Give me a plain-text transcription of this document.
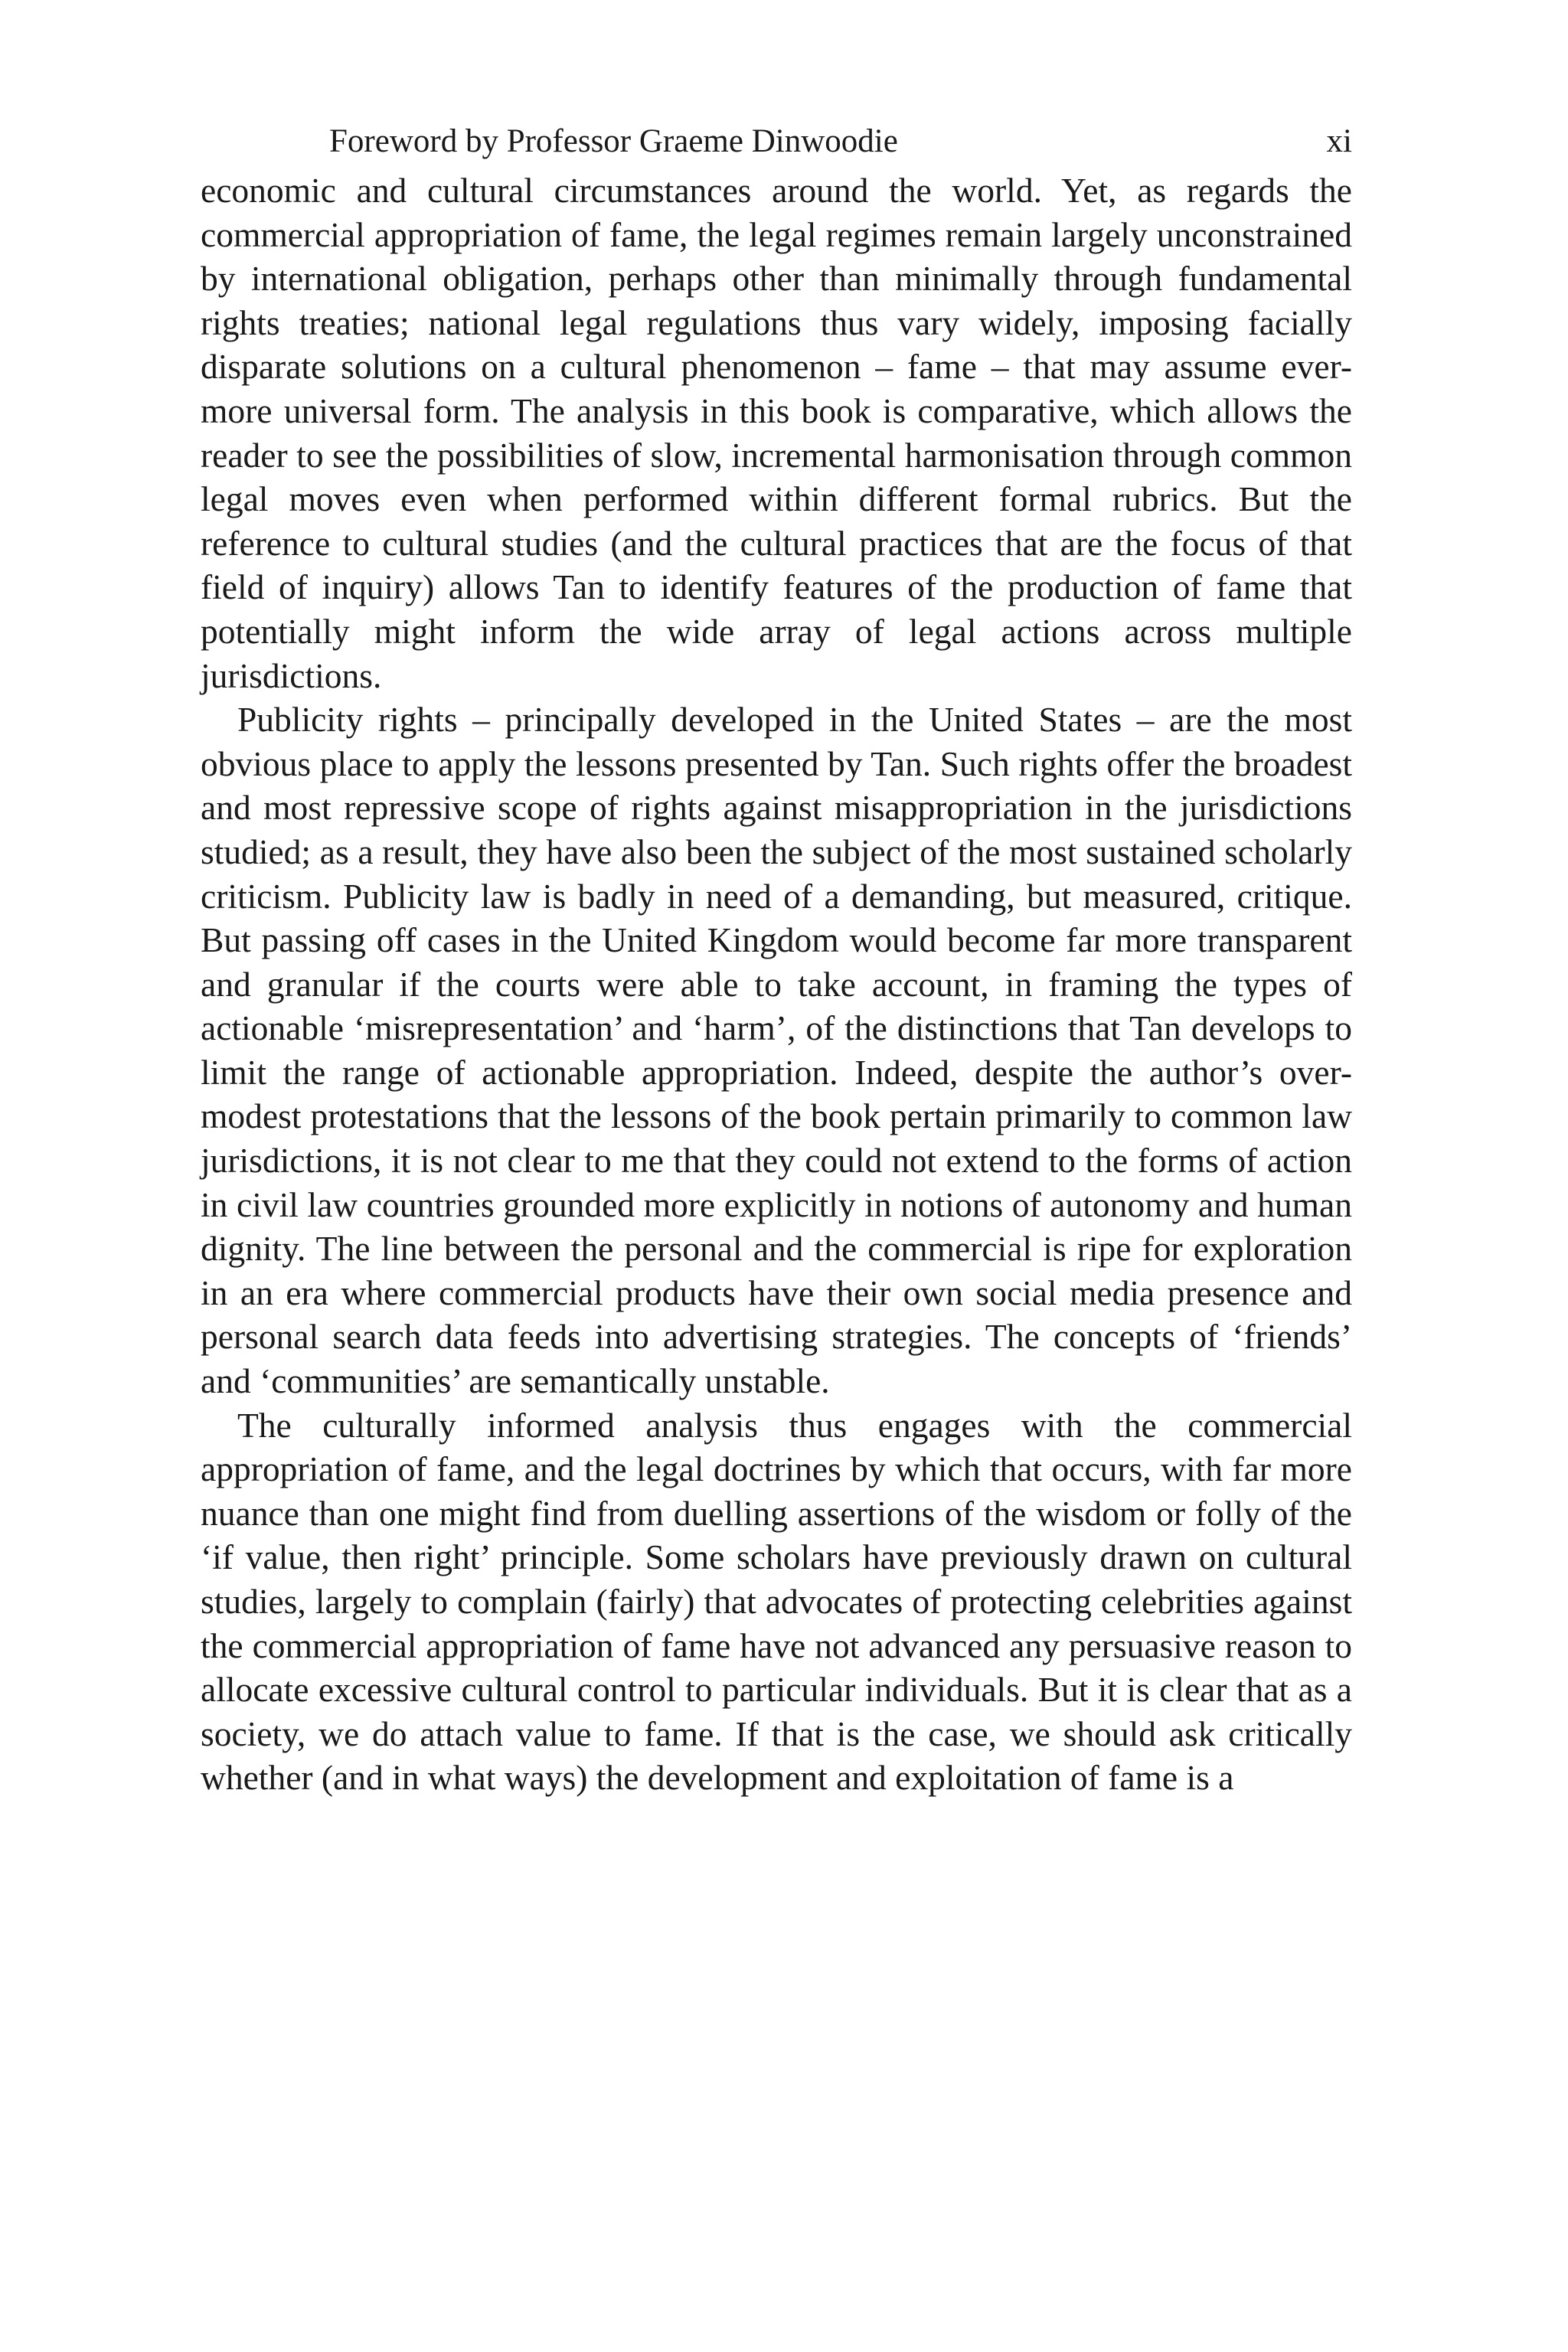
Foreword by Professor Graeme Dinwoodie	xi

economic and cultural circumstances around the world. Yet, as regards the commercial appropriation of fame, the legal regimes remain largely unconstrained by international obligation, perhaps other than minimally through fundamental rights treaties; national legal regulations thus vary widely, imposing facially disparate solutions on a cultural phenomenon – fame – that may assume ever-more universal form. The analysis in this book is comparative, which allows the reader to see the possibilities of slow, incremental harmonisation through common legal moves even when performed within different formal rubrics. But the reference to cultural studies (and the cultural practices that are the focus of that field of inquiry) allows Tan to identify features of the production of fame that potentially might inform the wide array of legal actions across multiple jurisdictions.

Publicity rights – principally developed in the United States – are the most obvious place to apply the lessons presented by Tan. Such rights offer the broadest and most repressive scope of rights against misappropriation in the jurisdictions studied; as a result, they have also been the subject of the most sustained scholarly criticism. Publicity law is badly in need of a demanding, but measured, critique. But passing off cases in the United Kingdom would become far more transparent and granular if the courts were able to take account, in framing the types of actionable ‘misrepresentation’ and ‘harm’, of the distinctions that Tan develops to limit the range of actionable appropriation. Indeed, despite the author’s over-modest protestations that the lessons of the book pertain primarily to common law jurisdictions, it is not clear to me that they could not extend to the forms of action in civil law countries grounded more explicitly in notions of autonomy and human dignity. The line between the personal and the commercial is ripe for exploration in an era where commercial products have their own social media presence and personal search data feeds into advertising strategies. The concepts of ‘friends’ and ‘communities’ are semantically unstable.

The culturally informed analysis thus engages with the commercial appropriation of fame, and the legal doctrines by which that occurs, with far more nuance than one might find from duelling assertions of the wisdom or folly of the ‘if value, then right’ principle. Some scholars have previously drawn on cultural studies, largely to complain (fairly) that advocates of protecting celebrities against the commercial appropriation of fame have not advanced any persuasive reason to allocate excessive cultural control to particular individuals. But it is clear that as a society, we do attach value to fame. If that is the case, we should ask critically whether (and in what ways) the development and exploitation of fame is a
